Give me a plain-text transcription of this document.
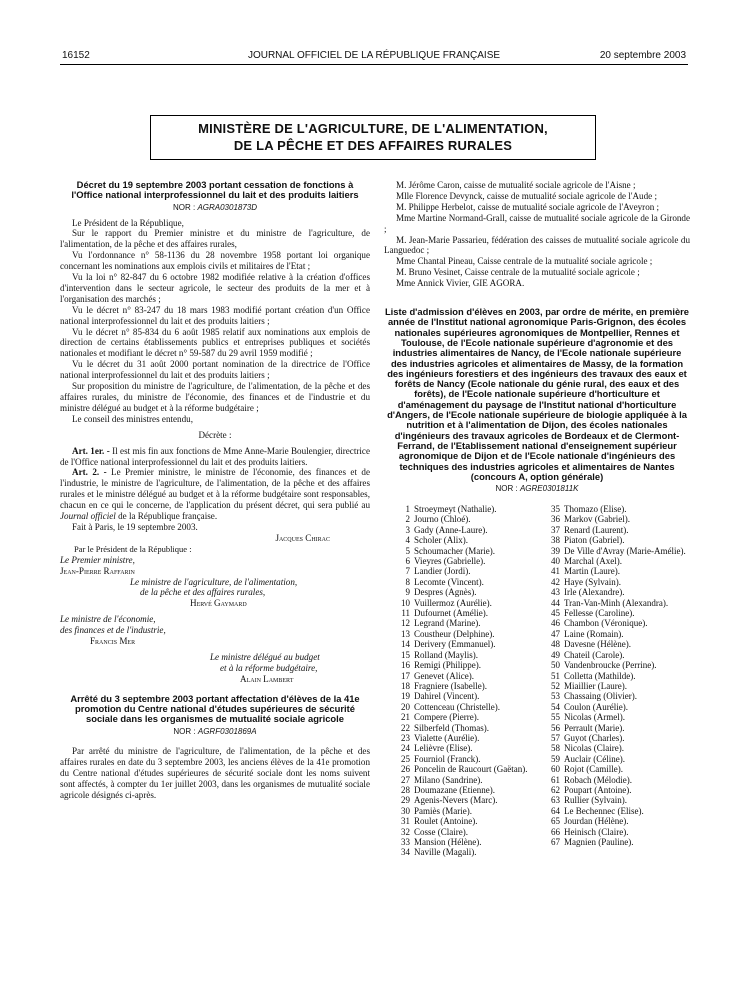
16152	JOURNAL OFFICIEL DE LA RÉPUBLIQUE FRANÇAISE	20 septembre 2003
MINISTÈRE DE L'AGRICULTURE, DE L'ALIMENTATION,
DE LA PÊCHE ET DES AFFAIRES RURALES
Décret du 19 septembre 2003 portant cessation de fonctions à l'Office national interprofessionnel du lait et des produits laitiers
NOR : AGRA0301873D

Le Président de la République,

Sur le rapport du Premier ministre et du ministre de l'agriculture, de l'alimentation, de la pêche et des affaires rurales,

Vu l'ordonnance n° 58-1136 du 28 novembre 1958 portant loi organique concernant les nominations aux emplois civils et militaires de l'Etat ;

Vu la loi n° 82-847 du 6 octobre 1982 modifiée relative à la création d'offices d'intervention dans le secteur agricole, le secteur des produits de la mer et à l'organisation des marchés ;

Vu le décret n° 83-247 du 18 mars 1983 modifié portant création d'un Office national interprofessionnel du lait et des produits laitiers ;

Vu le décret n° 85-834 du 6 août 1985 relatif aux nominations aux emplois de direction de certains établissements publics et entreprises publiques et sociétés nationales et modifiant le décret n° 59-587 du 29 avril 1959 modifié ;

Vu le décret du 31 août 2000 portant nomination de la directrice de l'Office national interprofessionnel du lait et des produits laitiers ;

Sur proposition du ministre de l'agriculture, de l'alimentation, de la pêche et des affaires rurales, du ministre de l'économie, des finances et de l'industrie et du ministre délégué au budget et à la réforme budgétaire ;

Le conseil des ministres entendu,

Décrète :

Art. 1er. - Il est mis fin aux fonctions de Mme Anne-Marie Boulengier, directrice de l'Office national interprofessionnel du lait et des produits laitiers.

Art. 2. - Le Premier ministre, le ministre de l'économie, des finances et de l'industrie, le ministre de l'agriculture, de l'alimentation, de la pêche et des affaires rurales et le ministre délégué au budget et à la réforme budgétaire sont responsables, chacun en ce qui le concerne, de l'application du présent décret, qui sera publié au Journal officiel de la République française.

Fait à Paris, le 19 septembre 2003.

Jacques Chirac

Par le Président de la République :

Le Premier ministre,

Jean-Pierre Raffarin

Le ministre de l'agriculture, de l'alimentation,

de la pêche et des affaires rurales,

Hervé Gaymard

Le ministre de l'économie,

des finances et de l'industrie,

Francis Mer

Le ministre délégué au budget

et à la réforme budgétaire,

Alain Lambert

Arrêté du 3 septembre 2003 portant affectation d'élèves de la 41e promotion du Centre national d'études supérieures de sécurité sociale dans les organismes de mutualité sociale agricole
NOR : AGRF0301869A

Par arrêté du ministre de l'agriculture, de l'alimentation, de la pêche et des affaires rurales en date du 3 septembre 2003, les anciens élèves de la 41e promotion du Centre national d'études supérieures de sécurité sociale dont les noms suivent sont affectés, à compter du 1er juillet 2003, dans les organismes de mutualité sociale agricole désignés ci-après.

M. Jérôme Caron, caisse de mutualité sociale agricole de l'Aisne ;

Mlle Florence Devynck, caisse de mutualité sociale agricole de l'Aude ;

M. Philippe Herbelot, caisse de mutualité sociale agricole de l'Aveyron ;

Mme Martine Normand-Grall, caisse de mutualité sociale agricole de la Gironde ;

M. Jean-Marie Passarieu, fédération des caisses de mutualité sociale agricole du Languedoc ;

Mme Chantal Pineau, Caisse centrale de la mutualité sociale agricole ;

M. Bruno Vesinet, Caisse centrale de la mutualité sociale agricole ;

Mme Annick Vivier, GIE AGORA.

Liste d'admission d'élèves en 2003, par ordre de mérite, en première année de l'Institut national agronomique Paris-Grignon, des écoles nationales supérieures agronomiques de Montpellier, Rennes et Toulouse, de l'Ecole nationale supérieure d'agronomie et des industries alimentaires de Nancy, de l'Ecole nationale supérieure des industries agricoles et alimentaires de Massy, de la formation des ingénieurs forestiers et des ingénieurs des travaux des eaux et forêts de Nancy (Ecole nationale du génie rural, des eaux et des forêts), de l'Ecole nationale supérieure d'horticulture et d'aménagement du paysage de l'Institut national d'horticulture d'Angers, de l'Ecole nationale supérieure de biologie appliquée à la nutrition et à l'alimentation de Dijon, des écoles nationales d'ingénieurs des travaux agricoles de Bordeaux et de Clermont-Ferrand, de l'Etablissement national d'enseignement supérieur agronomique de Dijon et de l'Ecole nationale d'ingénieurs des techniques des industries agricoles et alimentaires de Nantes (concours A, option générale)
NOR : AGRE0301811K
1 Stroeymeyt (Nathalie).
2 Journo (Chloé).
3 Gady (Anne-Laure).
4 Scholer (Alix).
5 Schoumacher (Marie).
6 Vieyres (Gabrielle).
7 Landier (Jordi).
8 Lecomte (Vincent).
9 Despres (Agnès).
10 Vuillermoz (Aurélie).
11 Dufournet (Amélie).
12 Legrand (Marine).
13 Coustheur (Delphine).
14 Derivery (Emmanuel).
15 Rolland (Maylis).
16 Remigi (Philippe).
17 Genevet (Alice).
18 Fragniere (Isabelle).
19 Dahirel (Vincent).
20 Cottenceau (Christelle).
21 Compere (Pierre).
22 Silberfeld (Thomas).
23 Vialette (Aurélie).
24 Lelièvre (Elise).
25 Fourniol (Franck).
26 Poncelin de Raucourt (Gaëtan).
27 Milano (Sandrine).
28 Doumazane (Etienne).
29 Agenis-Nevers (Marc).
30 Pamiès (Marie).
31 Roulet (Antoine).
32 Cosse (Claire).
33 Mansion (Hélène).
34 Naville (Magali).
35 Thomazo (Elise).
36 Markov (Gabriel).
37 Renard (Laurent).
38 Piaton (Gabriel).
39 De Ville d'Avray (Marie-Amélie).
40 Marchal (Axel).
41 Martin (Laure).
42 Haye (Sylvain).
43 Irle (Alexandre).
44 Tran-Van-Minh (Alexandra).
45 Fellesse (Caroline).
46 Chambon (Véronique).
47 Laine (Romain).
48 Davesne (Hélène).
49 Chateil (Carole).
50 Vandenbroucke (Perrine).
51 Colletta (Mathilde).
52 Miaillier (Laure).
53 Chassaing (Olivier).
54 Coulon (Aurélie).
55 Nicolas (Armel).
56 Perrault (Marie).
57 Guyot (Charles).
58 Nicolas (Claire).
59 Auclair (Céline).
60 Rojot (Camille).
61 Robach (Mélodie).
62 Poupart (Antoine).
63 Rullier (Sylvain).
64 Le Bechennec (Elise).
65 Jourdan (Hélène).
66 Heinisch (Claire).
67 Magnien (Pauline).
